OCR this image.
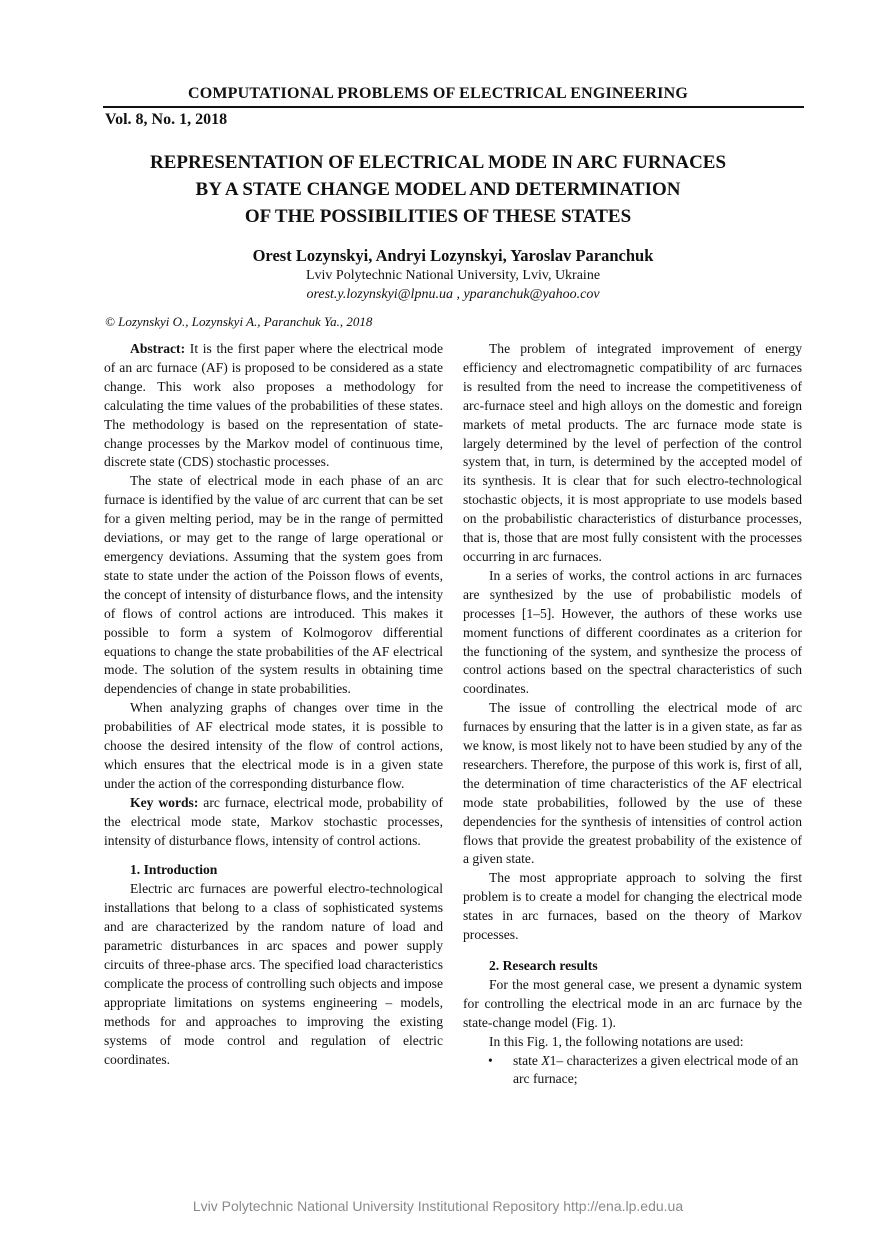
COMPUTATIONAL PROBLEMS OF ELECTRICAL ENGINEERING
Vol. 8, No. 1, 2018
REPRESENTATION OF ELECTRICAL MODE IN ARC FURNACES
BY A STATE CHANGE MODEL AND DETERMINATION
OF THE POSSIBILITIES OF THESE STATES
Orest Lozynskyi, Andryi Lozynskyi, Yaroslav Paranchuk
Lviv Polytechnic National University, Lviv, Ukraine
orest.y.lozynskyi@lpnu.ua , yparanchuk@yahoo.cov
© Lozynskyi O., Lozynskyi A., Paranchuk Ya., 2018

Abstract: It is the first paper where the electrical mode of an arc furnace (AF) is proposed to be considered as a state change. This work also proposes a methodology for calculating the time values of the probabilities of these states. The methodology is based on the representation of state-change processes by the Markov model of continuous time, discrete state (CDS) stochastic processes.

The state of electrical mode in each phase of an arc furnace is identified by the value of arc current that can be set for a given melting period, may be in the range of permitted deviations, or may get to the range of large operational or emergency deviations. Assuming that the system goes from state to state under the action of the Poisson flows of events, the concept of intensity of disturbance flows, and the intensity of flows of control actions are introduced. This makes it possible to form a system of Kolmogorov differential equations to change the state probabilities of the AF electrical mode. The solution of the system results in obtaining time dependencies of change in state probabilities.

When analyzing graphs of changes over time in the probabilities of AF electrical mode states, it is possible to choose the desired intensity of the flow of control actions, which ensures that the electrical mode is in a given state under the action of the corresponding disturbance flow.

Key words: arc furnace, electrical mode, probability of the electrical mode state, Markov stochastic processes, intensity of disturbance flows, intensity of control actions.

1. Introduction

Electric arc furnaces are powerful electro-technological installations that belong to a class of sophisticated systems and are characterized by the random nature of load and parametric disturbances in arc spaces and power supply circuits of three-phase arcs. The specified load characteristics complicate the process of controlling such objects and impose appropriate limitations on systems engineering – models, methods for and approaches to improving the existing systems of mode control and regulation of electric coordinates.

The problem of integrated improvement of energy efficiency and electromagnetic compatibility of arc furnaces is resulted from the need to increase the competitiveness of arc-furnace steel and high alloys on the domestic and foreign markets of metal products. The arc furnace mode state is largely determined by the level of perfection of the control system that, in turn, is determined by the accepted model of its synthesis. It is clear that for such electro-technological stochastic objects, it is most appropriate to use models based on the probabilistic characteristics of disturbance processes, that is, those that are most fully consistent with the processes occurring in arc furnaces.

In a series of works, the control actions in arc furnaces are synthesized by the use of probabilistic models of processes [1–5]. However, the authors of these works use moment functions of different coordinates as a criterion for the functioning of the system, and synthesize the process of control actions based on the spectral characteristics of such coordinates.

The issue of controlling the electrical mode of arc furnaces by ensuring that the latter is in a given state, as far as we know, is most likely not to have been studied by any of the researchers. Therefore, the purpose of this work is, first of all, the determination of time characteristics of the AF electrical mode state probabilities, followed by the use of these dependencies for the synthesis of intensities of control action flows that provide the greatest probability of the existence of a given state.

The most appropriate approach to solving the first problem is to create a model for changing the electrical mode states in arc furnaces, based on the theory of Markov processes.

2. Research results

For the most general case, we present a dynamic system for controlling the electrical mode in an arc furnace by the state-change model (Fig. 1).

In this Fig. 1, the following notations are used:

• state X1– characterizes a given electrical mode of an arc furnace;
Lviv Polytechnic National University Institutional Repository http://ena.lp.edu.ua
